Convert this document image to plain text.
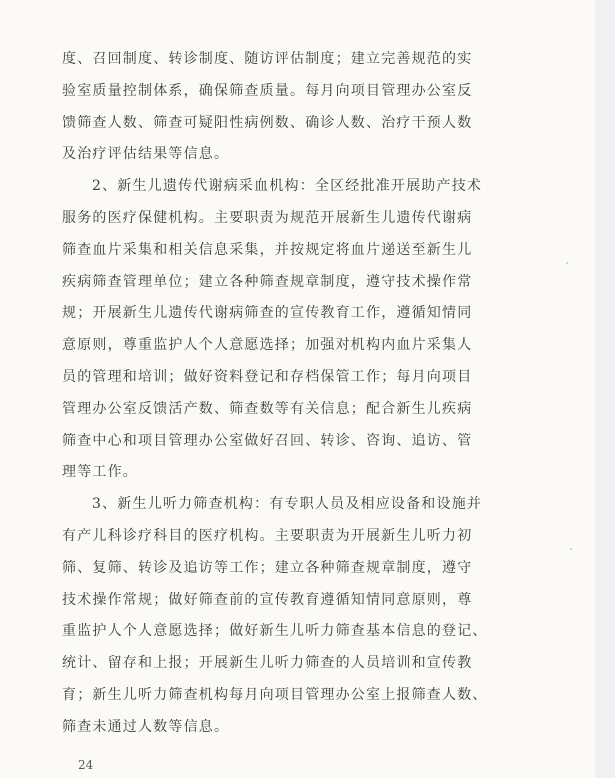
度、召回制度、转诊制度、随访评估制度；建立完善规范的实
验室质量控制体系，确保筛查质量。每月向项目管理办公室反
馈筛查人数、筛查可疑阳性病例数、确诊人数、治疗干预人数
及治疗评估结果等信息。
2、新生儿遗传代谢病采血机构：全区经批准开展助产技术
服务的医疗保健机构。主要职责为规范开展新生儿遗传代谢病
筛查血片采集和相关信息采集，并按规定将血片递送至新生儿
疾病筛查管理单位；建立各种筛查规章制度，遵守技术操作常
规；开展新生儿遗传代谢病筛查的宣传教育工作，遵循知情同
意原则，尊重监护人个人意愿选择；加强对机构内血片采集人
员的管理和培训；做好资料登记和存档保管工作；每月向项目
管理办公室反馈活产数、筛查数等有关信息；配合新生儿疾病
筛查中心和项目管理办公室做好召回、转诊、咨询、追访、管
理等工作。
3、新生儿听力筛查机构：有专职人员及相应设备和设施并
有产儿科诊疗科目的医疗机构。主要职责为开展新生儿听力初
筛、复筛、转诊及追访等工作；建立各种筛查规章制度，遵守
技术操作常规；做好筛查前的宣传教育遵循知情同意原则，尊
重监护人个人意愿选择；做好新生儿听力筛查基本信息的登记、
统计、留存和上报；开展新生儿听力筛查的人员培训和宣传教
育；新生儿听力筛查机构每月向项目管理办公室上报筛查人数、
筛查未通过人数等信息。
24
